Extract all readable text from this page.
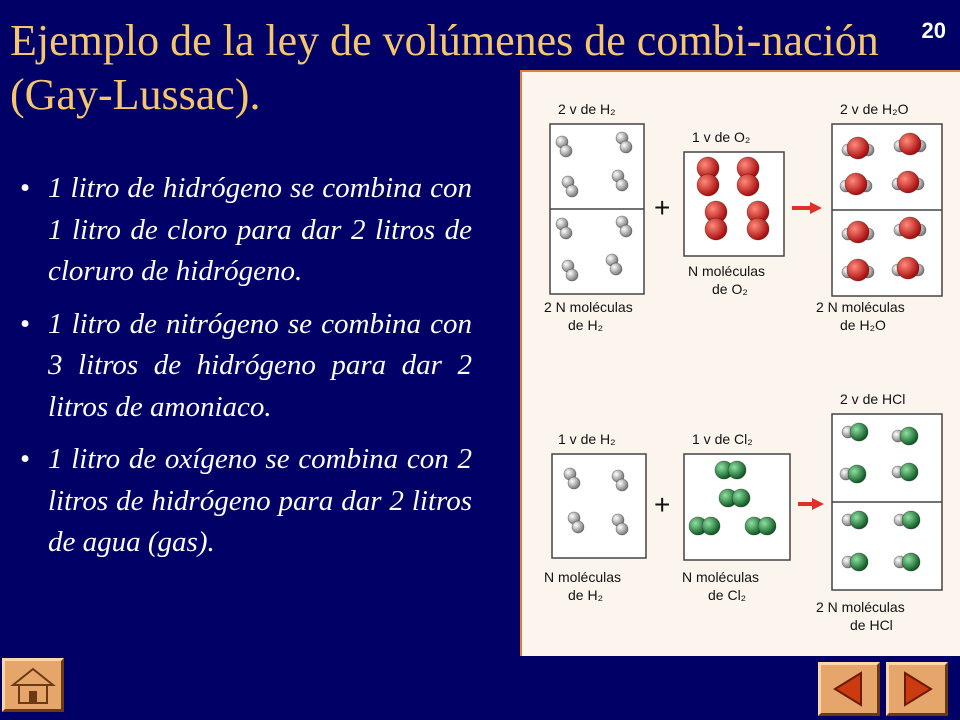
Ejemplo de la ley de volúmenes de combi-nación (Gay-Lussac).
20
• 1 litro de hidrógeno se combina con 1 litro de cloro para dar 2 litros de cloruro de hidrógeno.
• 1 litro de nitrógeno se combina con 3 litros de hidrógeno para dar 2 litros de amoniaco.
• 1 litro de oxígeno se combina con 2 litros de hidrógeno para dar 2 litros de agua (gas).
2 v de H₂
2 N moléculas
de H₂
+
1 v de O₂
N moléculas
de O₂
2 v de H₂O
2 N moléculas
de H₂O
2 v de HCl
1 v de H₂
N moléculas
de H₂
+
1 v de Cl₂
N moléculas
de Cl₂
2 N moléculas
de HCl
